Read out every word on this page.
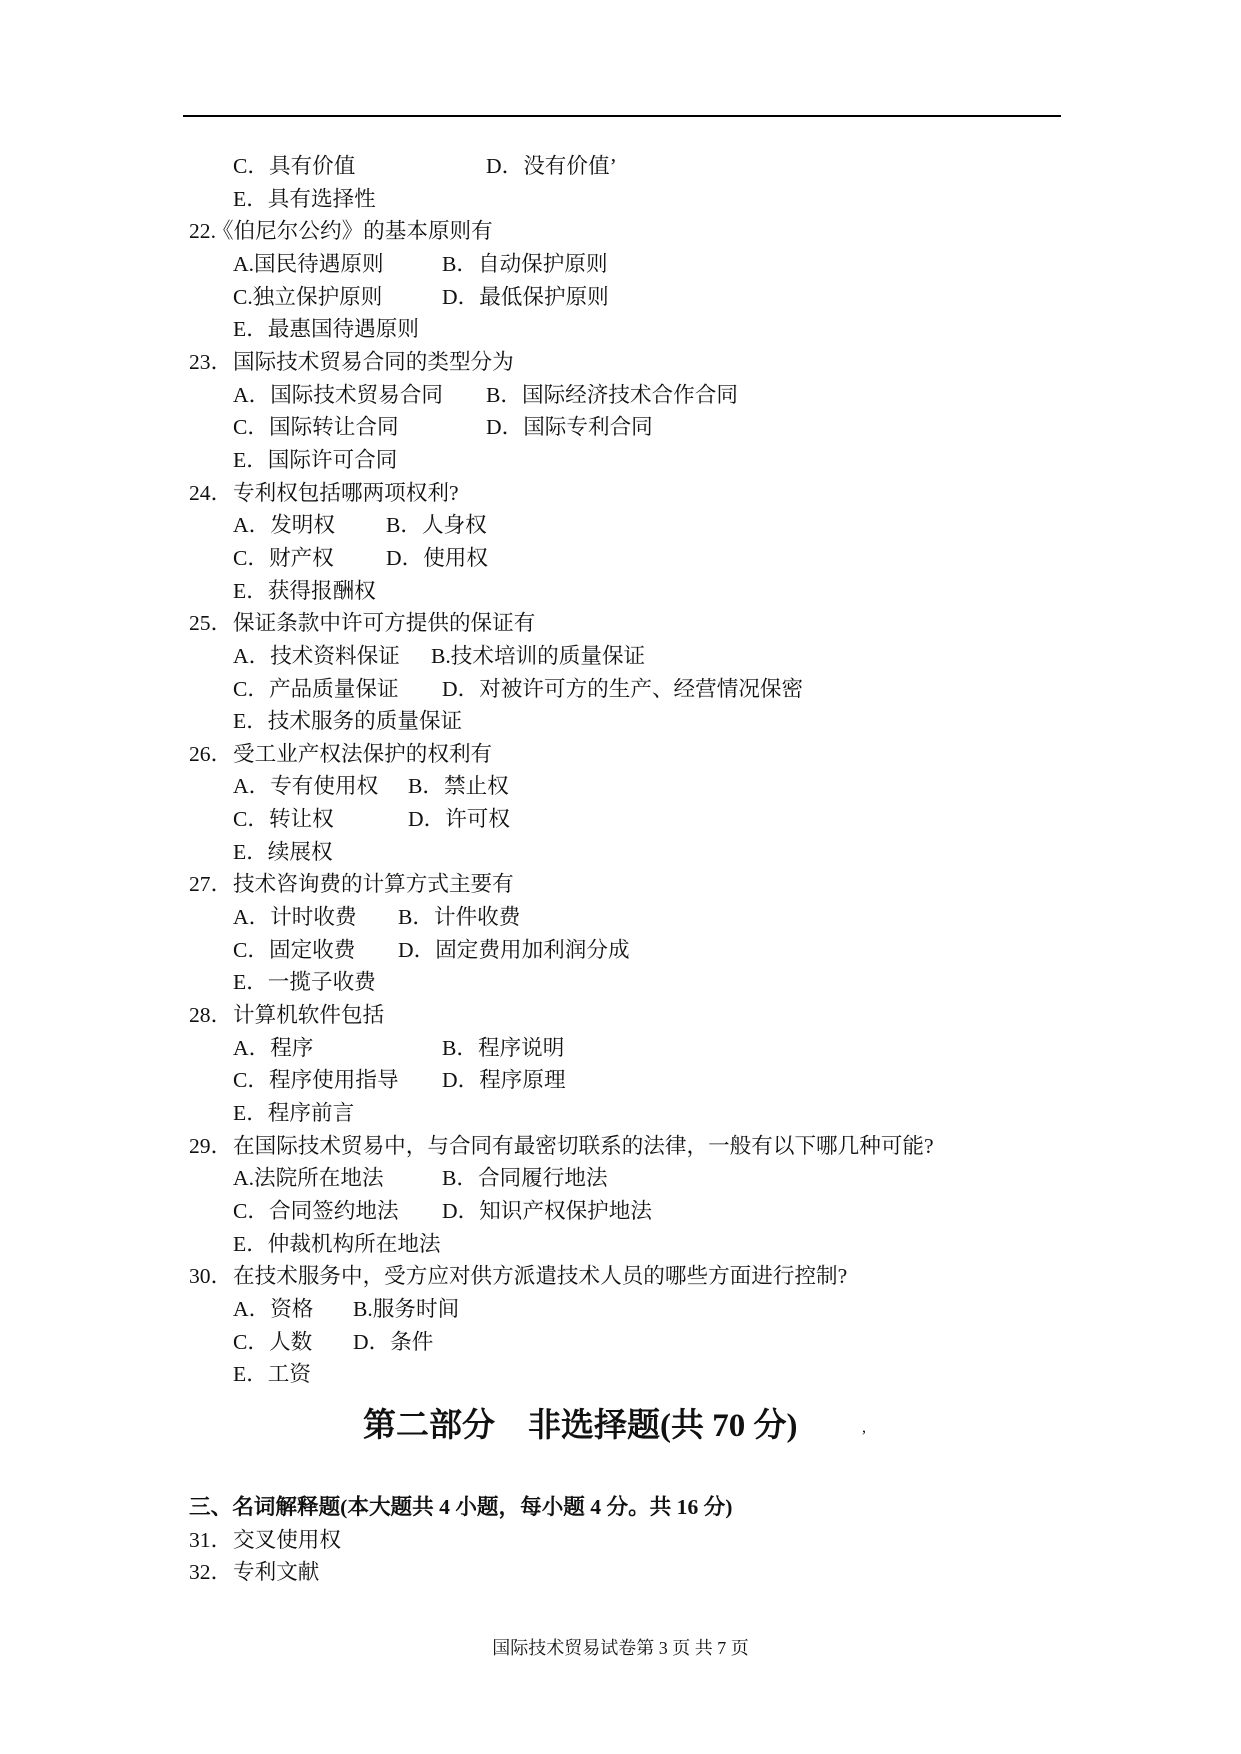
C．具有价值	D．没有价值’
E．具有选择性
22.
《伯尼尔公约》的基本原则有
A.国民待遇原则	B．自动保护原则
C.独立保护原则	D．最低保护原则
E．最惠国待遇原则
23． 国际技术贸易合同的类型分为
A．国际技术贸易合同 B．国际经济技术合作合同
C．国际转让合同	D．国际专利合同
E．国际许可合同
24． 专利权包括哪两项权利?
A．发明权 B．人身权
C．财产权 D．使用权
E．获得报酬权
25． 保证条款中许可方提供的保证有
A．技术资料保证 B.技术培训的质量保证
C．产品质量保证 D．对被许可方的生产、经营情况保密
E．技术服务的质量保证
26． 受工业产权法保护的权利有
A．专有使用权 B．禁止权
C．转让权	D．许可权
E．续展权
27． 技术咨询费的计算方式主要有
A．计时收费 B．计件收费
C．固定收费 D．固定费用加利润分成
E．一揽子收费
28． 计算机软件包括
A．程序	B．程序说明
C．程序使用指导 D．程序原理
E．程序前言
29． 在国际技术贸易中，与合同有最密切联系的法律，一般有以下哪几种可能?
A.法院所在地法	B．合同履行地法
C．合同签约地法 D．知识产权保护地法
E．仲裁机构所在地法
30． 在技术服务中，受方应对供方派遣技术人员的哪些方面进行控制?
A．资格 B.服务时间
C．人数 D．条件
E．工资
第二部分　非选择题(共 70 分)	,
三、名词解释题(本大题共 4 小题，每小题 4 分。共 16 分)
31． 交叉使用权
32． 专利文献
国际技术贸易试卷第 3 页 共 7 页
